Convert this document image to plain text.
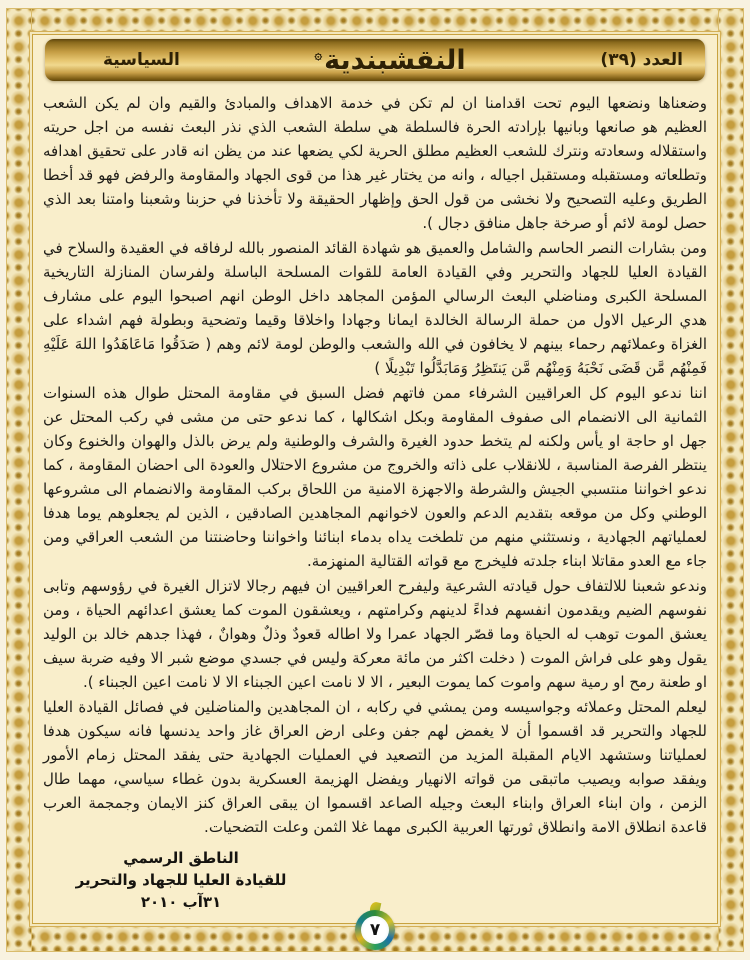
العدد (٣٩)
النقشبندية۞
السياسية

وضعناها ونضعها اليوم تحت اقدامنا ان لم تكن في خدمة الاهداف والمبادئ والقيم وان لم يكن الشعب العظيم هو صانعها وبانيها بإرادته الحرة فالسلطة هي سلطة الشعب الذي نذر البعث نفسه من اجل حريته واستقلاله وسعادته ونترك للشعب العظيم مطلق الحرية لكي يضعها عند من يظن انه قادر على تحقيق اهدافه وتطلعاته ومستقبله ومستقبل اجياله ، وانه من يختار غير هذا من قوى الجهاد والمقاومة والرفض فهو قد أخطا الطريق وعليه التصحيح ولا نخشى من قول الحق وإظهار الحقيقة ولا تأخذنا في حزبنا وشعبنا وامتنا بعد الذي حصل لومة لائم أو صرخة جاهل منافق دجال ).

ومن بشارات النصر الحاسم والشامل والعميق هو شهادة القائد المنصور بالله لرفاقه في العقيدة والسلاح في القيادة العليا للجهاد والتحرير وفي القيادة العامة للقوات المسلحة الباسلة ولفرسان المنازلة التاريخية المسلحة الكبرى ومناضلي البعث الرسالي المؤمن المجاهد داخل الوطن انهم اصبحوا اليوم على مشارف هدي الرعيل الاول من حملة الرسالة الخالدة ايمانا وجهادا واخلاقا وقيما وتضحية وبطولة فهم اشداء على الغزاة وعملائهم رحماء بينهم لا يخافون في الله والشعب والوطن لومة لائم وهم ( صَدَقُوا مَاعَاهَدُوا اللهَ عَلَيْهِ فَمِنْهُم مَّن قَضَى نَحْبَهُ وَمِنْهُم مَّن يَنتَظِرُ وَمَابَدَّلُوا تَبْدِيلًا )

اننا ندعو اليوم كل العراقيين الشرفاء ممن فاتهم فضل السبق في مقاومة المحتل طوال هذه السنوات الثمانية الى الانضمام الى صفوف المقاومة وبكل اشكالها ، كما ندعو حتى من مشى في ركب المحتل عن جهل او حاجة او يأس ولكنه لم يتخط حدود الغيرة والشرف والوطنية ولم يرض بالذل والهوان والخنوع وكان ينتظر الفرصة المناسبة ، للانقلاب على ذاته والخروج من مشروع الاحتلال والعودة الى احضان المقاومة ، كما ندعو اخواننا منتسبي الجيش والشرطة والاجهزة الامنية من اللحاق بركب المقاومة والانضمام الى مشروعها الوطني وكل من موقعه بتقديم الدعم والعون لاخوانهم المجاهدين الصادقين ، الذين لم يجعلوهم يوما هدفا لعملياتهم الجهادية ، ونستثني منهم من تلطخت يداه بدماء ابنائنا واخواننا وحاضنتنا من الشعب العراقي ومن جاء مع العدو مقاتلا ابناء جلدته فليخرج مع قواته القتالية المنهزمة.

وندعو شعبنا للالتفاف حول قيادته الشرعية وليفرح العراقيين ان فيهم رجالا لاتزال الغيرة في رؤوسهم وتابى نفوسهم الضيم ويقدمون انفسهم فداءً لدينهم وكرامتهم ، ويعشقون الموت كما يعشق اعدائهم الحياة ، ومن يعشق الموت توهب له الحياة وما قصّر الجهاد عمرا ولا اطاله قعودٌ وذلٌ وهوانٌ ، فهذا جدهم خالد بن الوليد يقول وهو على فراش الموت ( دخلت اكثر من مائة معركة وليس في جسدي موضع شبر الا وفيه ضربة سيف او طعنة رمح او رمية سهم واموت كما يموت البعير ، الا لا نامت اعين الجبناء الا لا نامت اعين الجبناء ).

ليعلم المحتل وعملائه وجواسيسه ومن يمشي في ركابه ، ان المجاهدين والمناضلين في فصائل القيادة العليا للجهاد والتحرير قد اقسموا أن لا يغمض لهم جفن وعلى ارض العراق غاز واحد يدنسها فانه سيكون هدفا لعملياتنا وستشهد الايام المقبلة المزيد من التصعيد في العمليات الجهادية حتى يفقد المحتل زمام الأمور ويفقد صوابه ويصيب ماتبقى من قواته الانهيار ويفضل الهزيمة العسكرية بدون غطاء سياسي، مهما طال الزمن ، وان ابناء العراق وابناء البعث وجيله الصاعد اقسموا ان يبقى العراق كنز الايمان وجمجمة العرب قاعدة انطلاق الامة وانطلاق ثورتها العربية الكبرى مهما غلا الثمن وعلت التضحيات.

الناطق الرسمي
للقيادة العليا للجهاد والتحرير
٣١آب ٢٠١٠
٧
